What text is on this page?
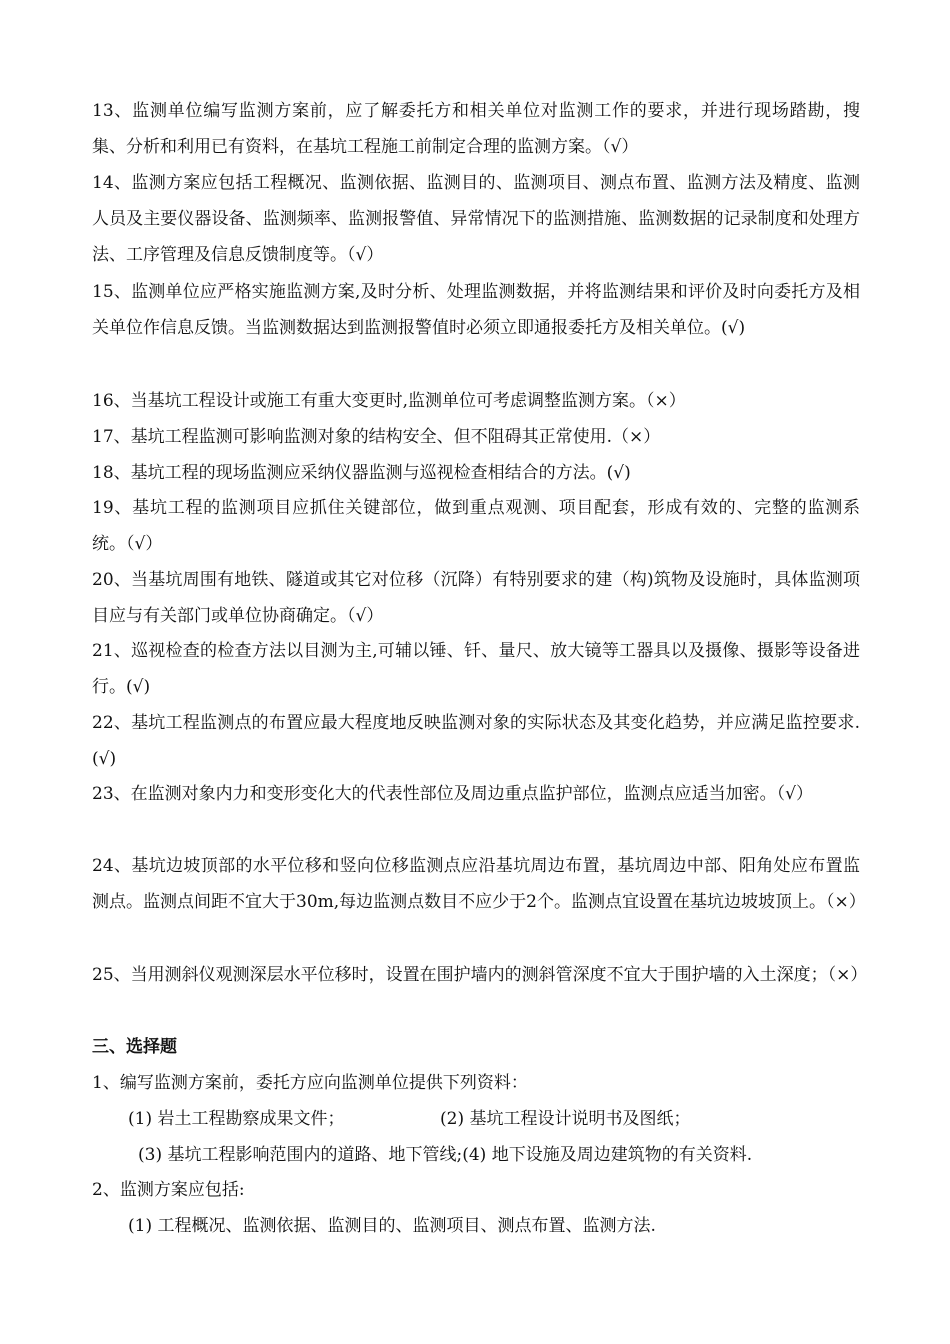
13、监测单位编写监测方案前，应了解委托方和相关单位对监测工作的要求，并进行现场踏勘，搜集、分析和利用已有资料，在基坑工程施工前制定合理的监测方案。（√）
14、监测方案应包括工程概况、监测依据、监测目的、监测项目、测点布置、监测方法及精度、监测人员及主要仪器设备、监测频率、监测报警值、异常情况下的监测措施、监测数据的记录制度和处理方法、工序管理及信息反馈制度等。（√）
15、监测单位应严格实施监测方案,及时分析、处理监测数据，并将监测结果和评价及时向委托方及相关单位作信息反馈。当监测数据达到监测报警值时必须立即通报委托方及相关单位。(√)
16、当基坑工程设计或施工有重大变更时,监测单位可考虑调整监测方案。（×）
17、基坑工程监测可影响监测对象的结构安全、但不阻碍其正常使用.（×）
18、基坑工程的现场监测应采纳仪器监测与巡视检查相结合的方法。(√)
19、基坑工程的监测项目应抓住关键部位，做到重点观测、项目配套，形成有效的、完整的监测系统。（√）
20、当基坑周围有地铁、隧道或其它对位移（沉降）有特别要求的建（构)筑物及设施时，具体监测项目应与有关部门或单位协商确定。（√）
21、巡视检查的检查方法以目测为主,可辅以锤、钎、量尺、放大镜等工器具以及摄像、摄影等设备进行。(√)
22、基坑工程监测点的布置应最大程度地反映监测对象的实际状态及其变化趋势，并应满足监控要求.(√)
23、在监测对象内力和变形变化大的代表性部位及周边重点监护部位，监测点应适当加密。（√）
24、基坑边坡顶部的水平位移和竖向位移监测点应沿基坑周边布置，基坑周边中部、阳角处应布置监测点。监测点间距不宜大于30m,每边监测点数目不应少于2个。监测点宜设置在基坑边坡坡顶上。（×）
25、当用测斜仪观测深层水平位移时，设置在围护墙内的测斜管深度不宜大于围护墙的入土深度；（×）
三、选择题
1、编写监测方案前，委托方应向监测单位提供下列资料：
(1) 岩土工程勘察成果文件；	(2) 基坑工程设计说明书及图纸；
(3) 基坑工程影响范围内的道路、地下管线;(4) 地下设施及周边建筑物的有关资料.
2、监测方案应包括:
(1) 工程概况、监测依据、监测目的、监测项目、测点布置、监测方法.
